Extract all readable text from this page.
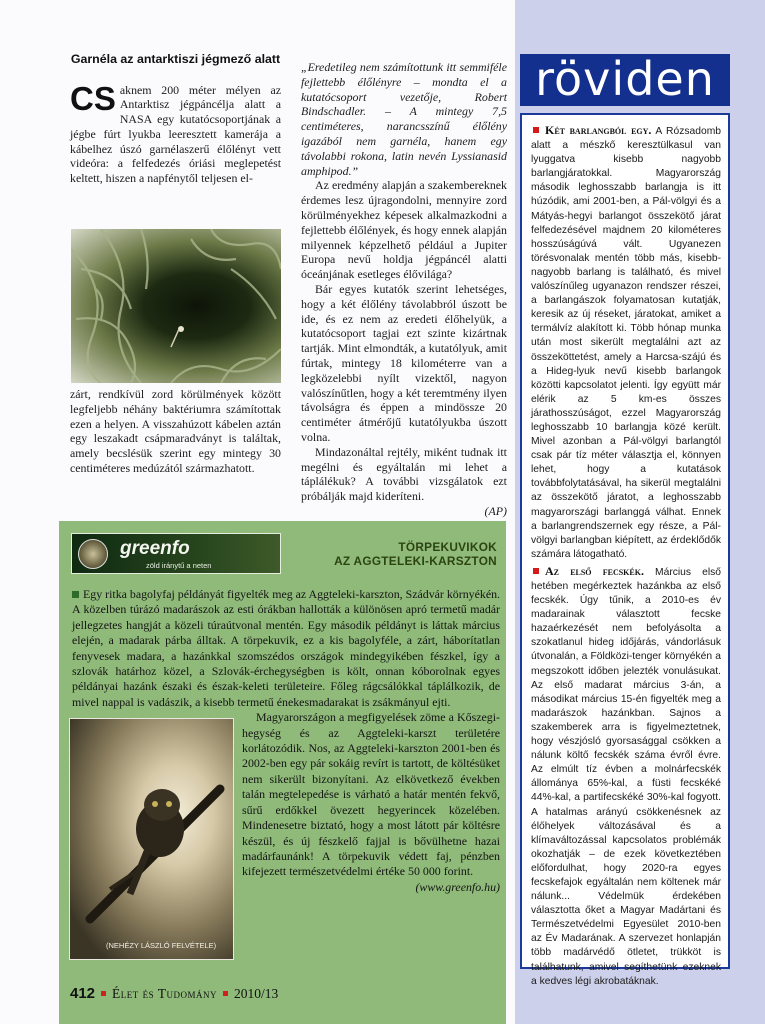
Garnéla az antarktiszi jégmező alatt

CS aknem 200 méter mélyen az Antarktisz jégpáncélja alatt a NASA egy kutatócsoportjának a jégbe fúrt lyukba leeresztett kamerája a kábelhez úszó garnélaszerű élőlényt vett videóra: a felfedezés óriási meglepetést keltett, hiszen a napfénytől teljesen el-

zárt, rendkívül zord körülmények között legfeljebb néhány baktériumra számítottak ezen a helyen. A visszahúzott kábelen aztán egy leszakadt csápmaradványt is találtak, amely becslésük szerint egy mintegy 30 centiméteres medúzától származhatott.

„Eredetileg nem számítottunk itt semmiféle fejlettebb élőlényre – mondta el a kutatócsoport vezetője, Robert Bindschadler. – A mintegy 7,5 centiméteres, narancsszínű élőlény igazából nem garnéla, hanem egy távolabbi rokona, latin nevén Lyssianasid amphipod.”

Az eredmény alapján a szakembereknek érdemes lesz újragondolni, mennyire zord körülményekhez képesek alkalmazkodni a fejlettebb élőlények, és hogy ennek alapján milyennek képzelhető például a Jupiter Europa nevű holdja jégpáncél alatti óceánjának esetleges élővilága?

Bár egyes kutatók szerint lehetséges, hogy a két élőlény távolabbról úszott be ide, és ez nem az eredeti élőhelyük, a kutatócsoport tagjai ezt szinte kizártnak tartják. Mint elmondták, a kutatólyuk, amit fúrtak, mintegy 18 kilométerre van a legközelebbi nyílt vizektől, nagyon valószínűtlen, hogy a két teremtmény ilyen távolságra és éppen a mindössze 20 centiméter átmérőjű kutatólyukba úszott volna.

Mindazonáltal rejtély, miként tudnak itt megélni és egyáltalán mi lehet a táplálékuk? A további vizsgálatok ezt próbálják majd kideríteni.

(AP)

greenfo
zöld iránytű a neten
TÖRPEKUVIKOK
AZ AGGTELEKI-KARSZTON

Egy ritka bagolyfaj példányát figyelték meg az Aggteleki-karszton, Szádvár környékén. A közelben túrázó madarászok az esti órákban hallották a különösen apró termetű madár jellegzetes hangját a közeli túraútvonal mentén. Egy második példányt is láttak március elején, a madarak párba álltak. A törpekuvik, ez a kis bagolyféle, a zárt, háborítatlan fenyvesek madara, a hazánkkal szomszédos országok mindegyikében fészkel, így a szlovák határhoz közel, a Szlovák-érchegységben is költ, onnan kóborolnak egyes példányai hazánk északi és észak-keleti területeire. Főleg rágcsálókkal táplálkozik, de mivel nappal is vadászik, a kisebb termetű énekesmadarakat is zsákmányul ejti.

(NEHÉZY LÁSZLÓ FELVÉTELE)

Magyarországon a megfigyelések zöme a Kőszegi-hegység és az Aggteleki-karszt területére korlátozódik. Nos, az Aggteleki-karszton 2001-ben és 2002-ben egy pár sokáig revírt is tartott, de költésüket nem sikerült bizonyítani. Az elkövetkező években talán megtelepedése is várható a határ mentén fekvő, sűrű erdőkkel övezett hegyerincek közelében. Mindenesetre biztató, hogy a most látott pár költésre készül, és új fészkelő fajjal is bővülhetne hazai madárfaunánk! A törpekuvik védett faj, pénzben kifejezett természetvédelmi értéke 50 000 forint.

(www.greenfo.hu)

412 Élet és Tudomány 2010/13
röviden

Két barlangból egy. A Rózsadomb alatt a mészkő keresztülkasul van lyuggatva kisebb nagyobb barlangjáratokkal. Magyarország második leghosszabb barlangja is itt húzódik, ami 2001-ben, a Pál-völgyi és a Mátyás-hegyi barlangot összekötő járat felfedezésével majdnem 20 kilométeres hosszúságúvá vált. Ugyanezen törésvonalak mentén több más, kisebb-nagyobb barlang is található, és mivel valószínűleg ugyanazon rendszer részei, a barlangászok folyamatosan kutatják, keresik az új réseket, járatokat, amiket a termálvíz alakított ki. Több hónap munka után most sikerült megtalálni azt az összeköttetést, amely a Harcsa-szájú és a Hideg-lyuk nevű kisebb barlangok közötti kapcsolatot jelenti. Így együtt már elérik az 5 km-es összes járathosszúságot, ezzel Magyarország leghosszabb 10 barlangja közé került. Mivel azonban a Pál-völgyi barlangtól csak pár tíz méter választja el, könnyen lehet, hogy a kutatások továbbfolytatásával, ha sikerül megtalálni az összekötő járatot, a leghosszabb magyarországi barlanggá válhat. Ennek a barlangrendszernek egy része, a Pál-völgyi barlangban kiépített, az érdeklődők számára látogatható.

Az első fecskék. Március első hetében megérkeztek hazánkba az első fecskék. Úgy tűnik, a 2010-es év madarainak választott fecske hazaérkezését nem befolyásolta a szokatlanul hideg időjárás, vándorlásuk útvonalán, a Földközi-tenger környékén a megszokott időben jelezték vonulásukat. Az első madarat március 3-án, a másodikat március 15-én figyelték meg a madarászok hazánkban. Sajnos a szakemberek arra is figyelmeztetnek, hogy vészjósló gyorsasággal csökken a nálunk költő fecskék száma évről évre. Az elmúlt tíz évben a molnárfecskék állománya 65%-kal, a füsti fecskéké 44%-kal, a partifecskéké 30%-kal fogyott. A hatalmas arányú csökkenésnek az élőhelyek változásával és a klímaváltozással kapcsolatos problémák okozhatják – de ezek következtében előfordulhat, hogy 2020-ra egyes fecskefajok egyáltalán nem költenek már nálunk... Védelmük érdekében választotta őket a Magyar Madártani és Természetvédelmi Egyesület 2010-ben az Év Madarának. A szervezet honlapján több madárvédő ötletet, trükköt is találhatunk, amivel segíthetünk ezeknek a kedves légi akrobatáknak.
